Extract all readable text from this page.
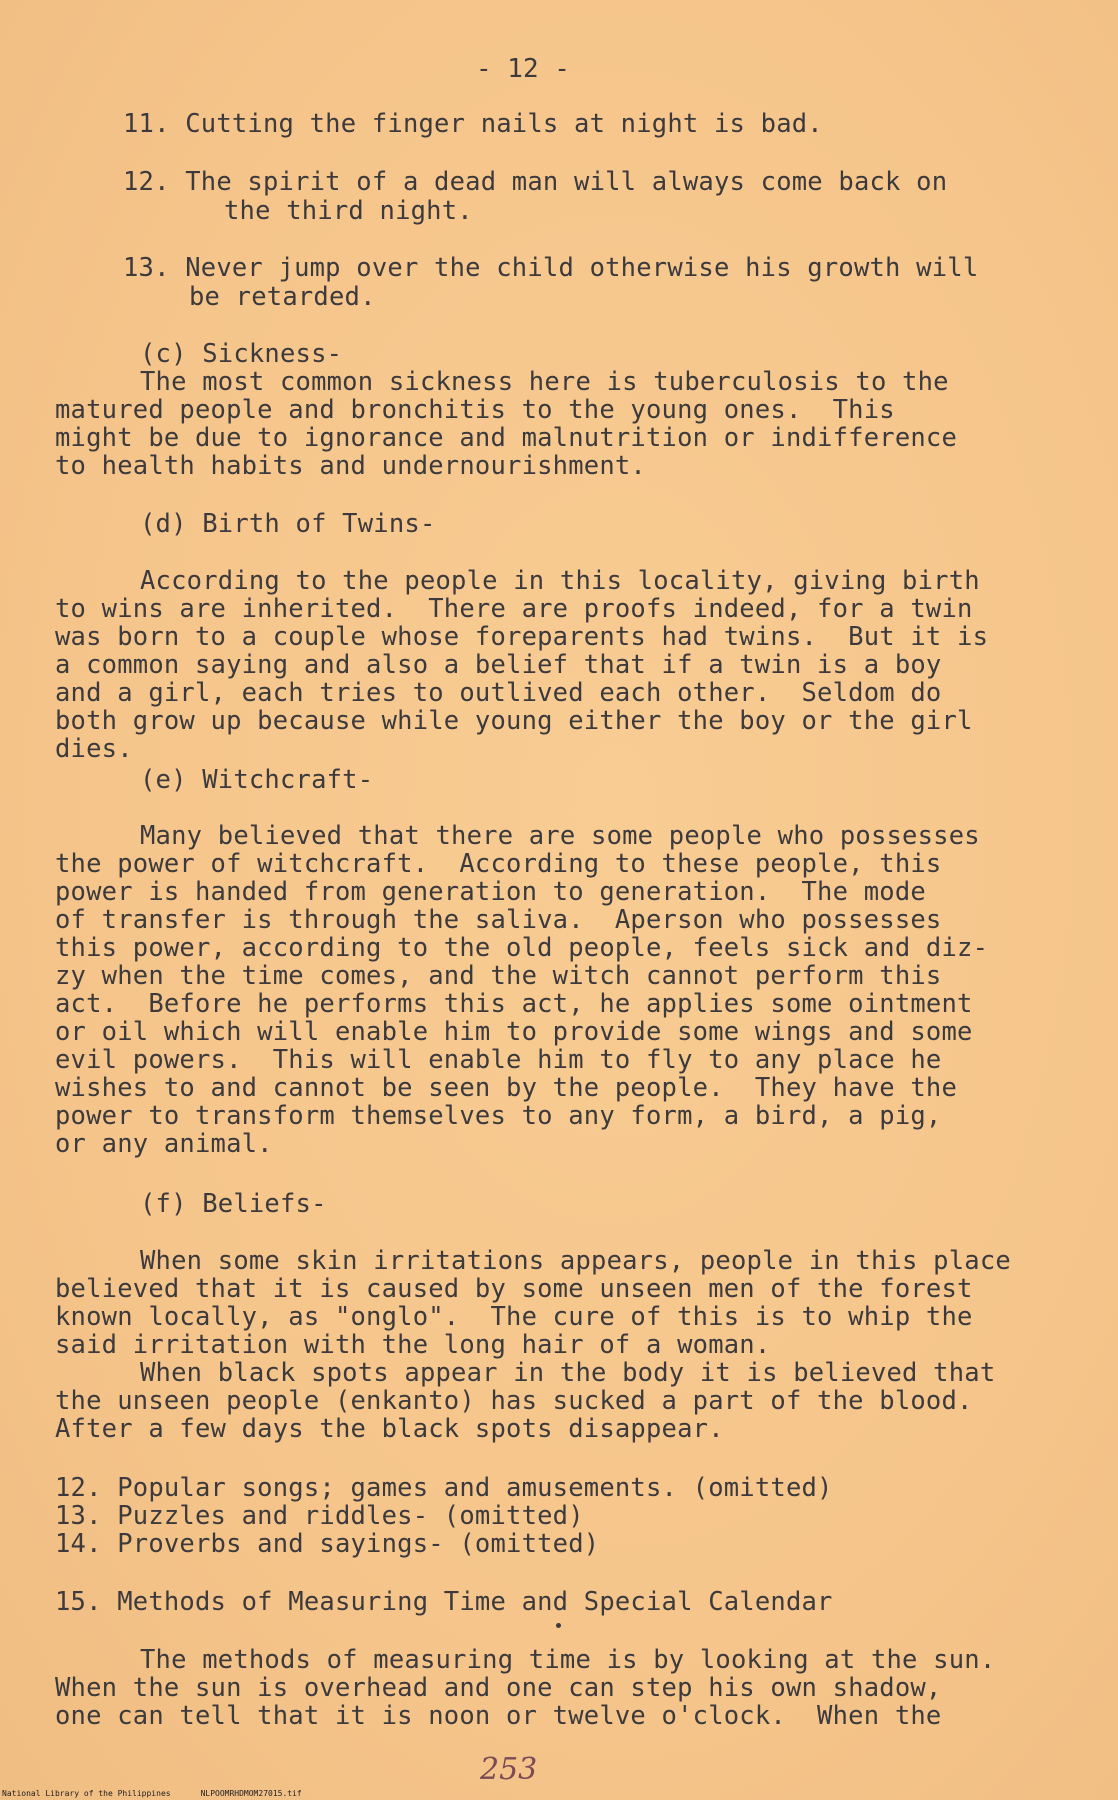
- 12 -
11. Cutting the finger nails at night is bad.
12. The spirit of a dead man will always come back on
the third night.
13. Never jump over the child otherwise his growth will
be retarded.
(c) Sickness-
The most common sickness here is tuberculosis to the
matured people and bronchitis to the young ones.  This
might be due to ignorance and malnutrition or indifference
to health habits and undernourishment.
(d) Birth of Twins-
According to the people in this locality, giving birth
to wins are inherited.  There are proofs indeed, for a twin
was born to a couple whose foreparents had twins.  But it is
a common saying and also a belief that if a twin is a boy
and a girl, each tries to outlived each other.  Seldom do
both grow up because while young either the boy or the girl
dies.
(e) Witchcraft-
Many believed that there are some people who possesses
the power of witchcraft.  According to these people, this
power is handed from generation to generation.  The mode
of transfer is through the saliva.  Aperson who possesses
this power, according to the old people, feels sick and diz-
zy when the time comes, and the witch cannot perform this
act.  Before he performs this act, he applies some ointment
or oil which will enable him to provide some wings and some
evil powers.  This will enable him to fly to any place he
wishes to and cannot be seen by the people.  They have the
power to transform themselves to any form, a bird, a pig,
or any animal.
(f) Beliefs-
When some skin irritations appears, people in this place
believed that it is caused by some unseen men of the forest
known locally, as "onglo".  The cure of this is to whip the
said irritation with the long hair of a woman.
When black spots appear in the body it is believed that
the unseen people (enkanto) has sucked a part of the blood.
After a few days the black spots disappear.
12. Popular songs; games and amusements. (omitted)
13. Puzzles and riddles- (omitted)
14. Proverbs and sayings- (omitted)
15. Methods of Measuring Time and Special Calendar
The methods of measuring time is by looking at the sun.
When the sun is overhead and one can step his own shadow,
one can tell that it is noon or twelve o'clock.  When the
253
National Library of the Philippines	NLPOOMRHDMOM27015.tif
